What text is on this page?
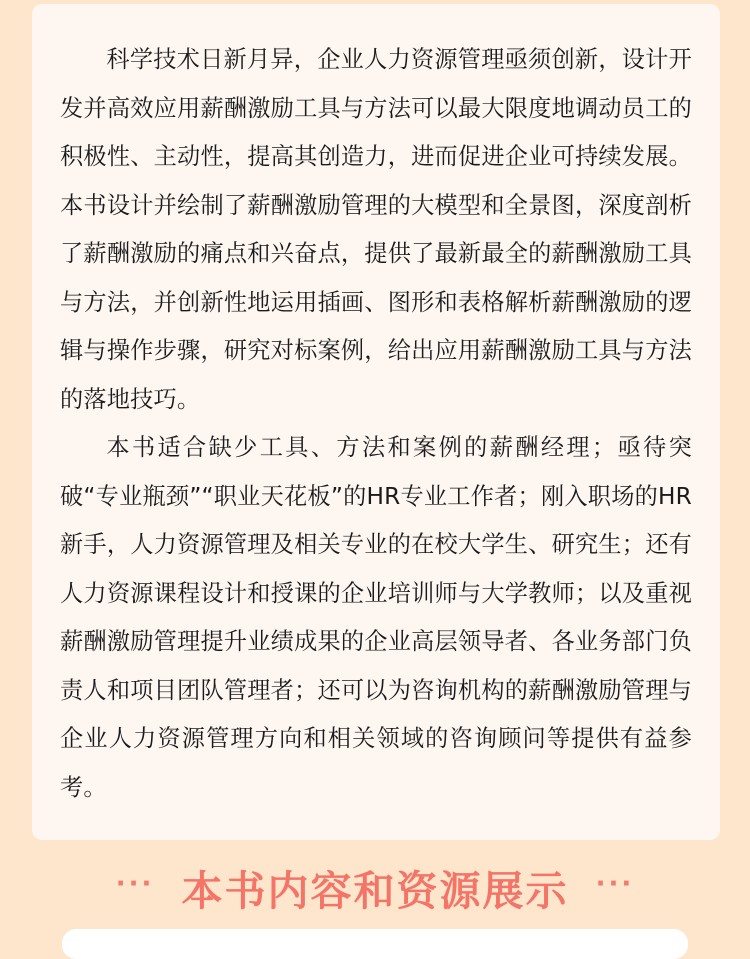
科学技术日新月异，企业人力资源管理亟须创新，设计开发并高效应用薪酬激励工具与方法可以最大限度地调动员工的积极性、主动性，提高其创造力，进而促进企业可持续发展。本书设计并绘制了薪酬激励管理的大模型和全景图，深度剖析了薪酬激励的痛点和兴奋点，提供了最新最全的薪酬激励工具与方法，并创新性地运用插画、图形和表格解析薪酬激励的逻辑与操作步骤，研究对标案例，给出应用薪酬激励工具与方法的落地技巧。

本书适合缺少工具、方法和案例的薪酬经理；亟待突破“专业瓶颈”“职业天花板”的HR专业工作者；刚入职场的HR新手，人力资源管理及相关专业的在校大学生、研究生；还有人力资源课程设计和授课的企业培训师与大学教师；以及重视薪酬激励管理提升业绩成果的企业高层领导者、各业务部门负责人和项目团队管理者；还可以为咨询机构的薪酬激励管理与企业人力资源管理方向和相关领域的咨询顾问等提供有益参考。

··· 本书内容和资源展示 ···
